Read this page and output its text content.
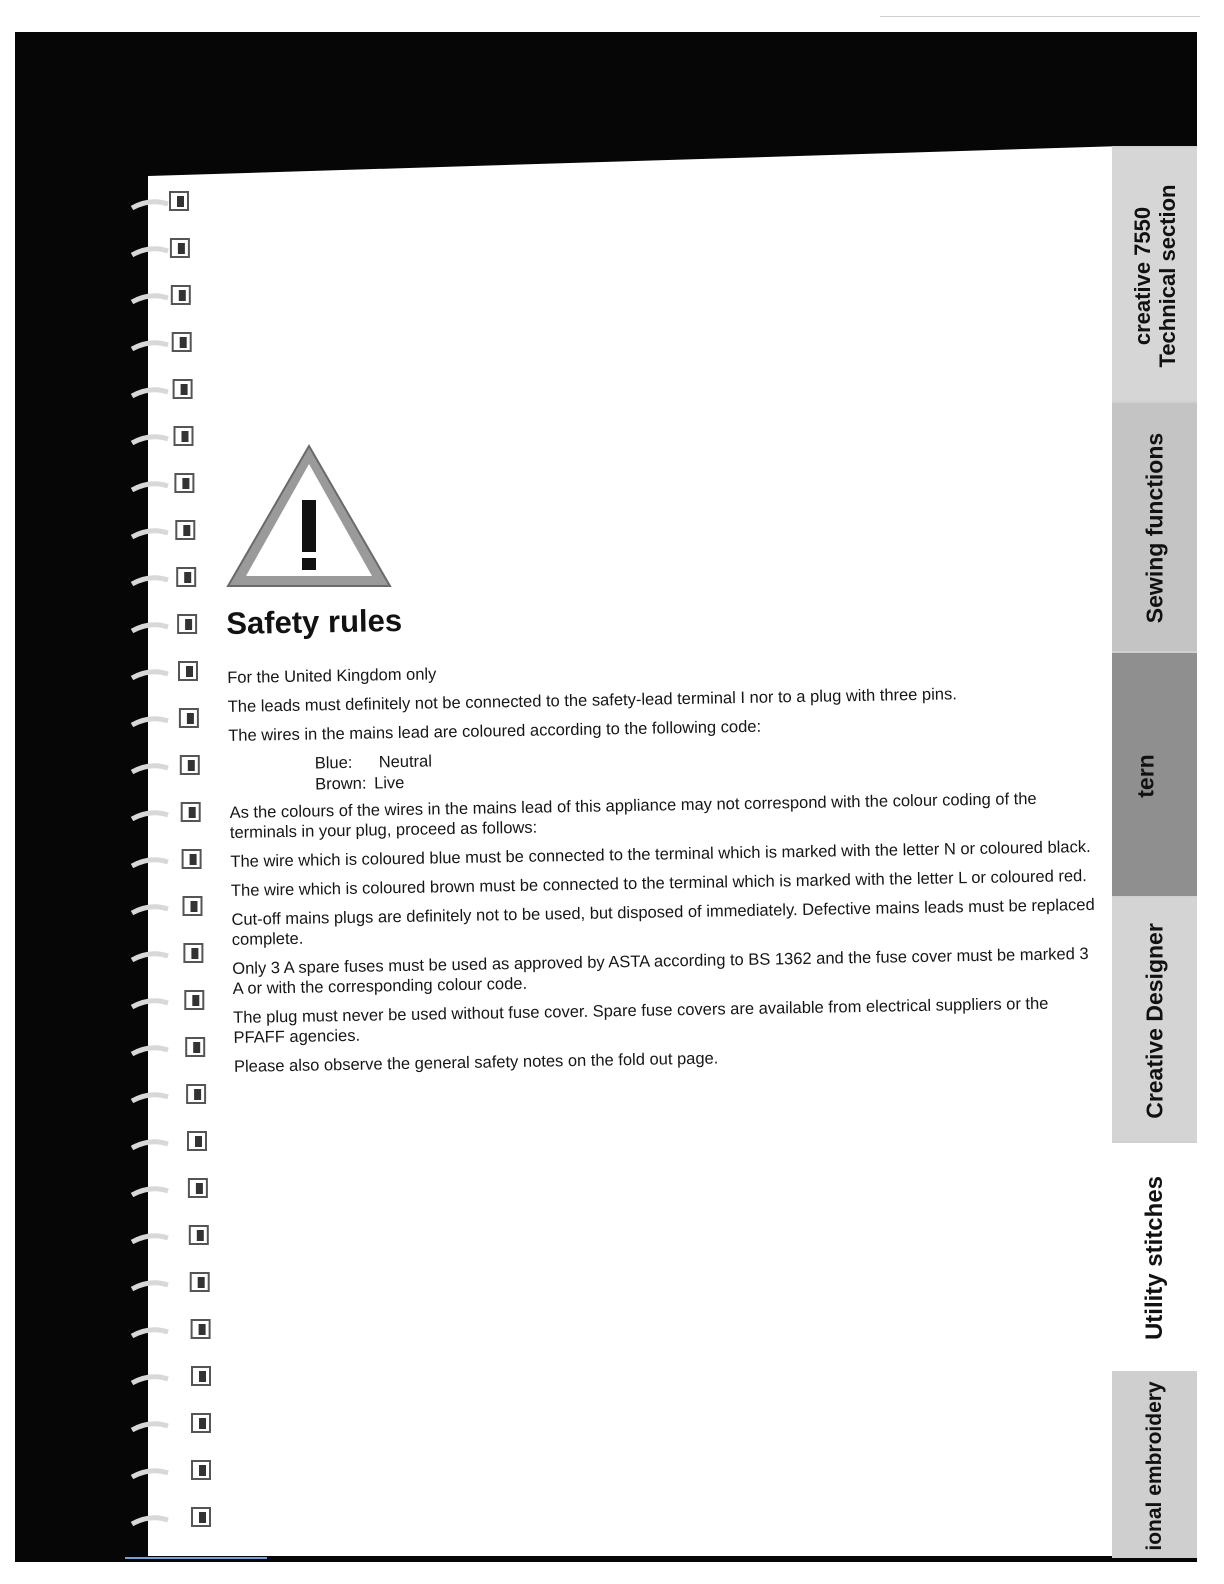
creative 7550 Technical section
Sewing functions
tern
Creative Designer
Utility stitches
ional embroidery
Safety rules

For the United Kingdom only

The leads must definitely not be connected to the safety-lead terminal I nor to a plug with three pins.

The wires in the mains lead are coloured according to the following code:

Blue:	Neutral
Brown: Live

As the colours of the wires in the mains lead of this appliance may not correspond with the colour coding of the terminals in your plug, proceed as follows:

The wire which is coloured blue must be connected to the terminal which is marked with the letter N or coloured black.

The wire which is coloured brown must be connected to the terminal which is marked with the letter L or coloured red.

Cut-off mains plugs are definitely not to be used, but disposed of immediately. Defective mains leads must be replaced complete.

Only 3 A spare fuses must be used as approved by ASTA according to BS 1362 and the fuse cover must be marked 3 A or with the corresponding colour code.

The plug must never be used without fuse cover. Spare fuse covers are available from electrical suppliers or the PFAFF agencies.

Please also observe the general safety notes on the fold out page.
